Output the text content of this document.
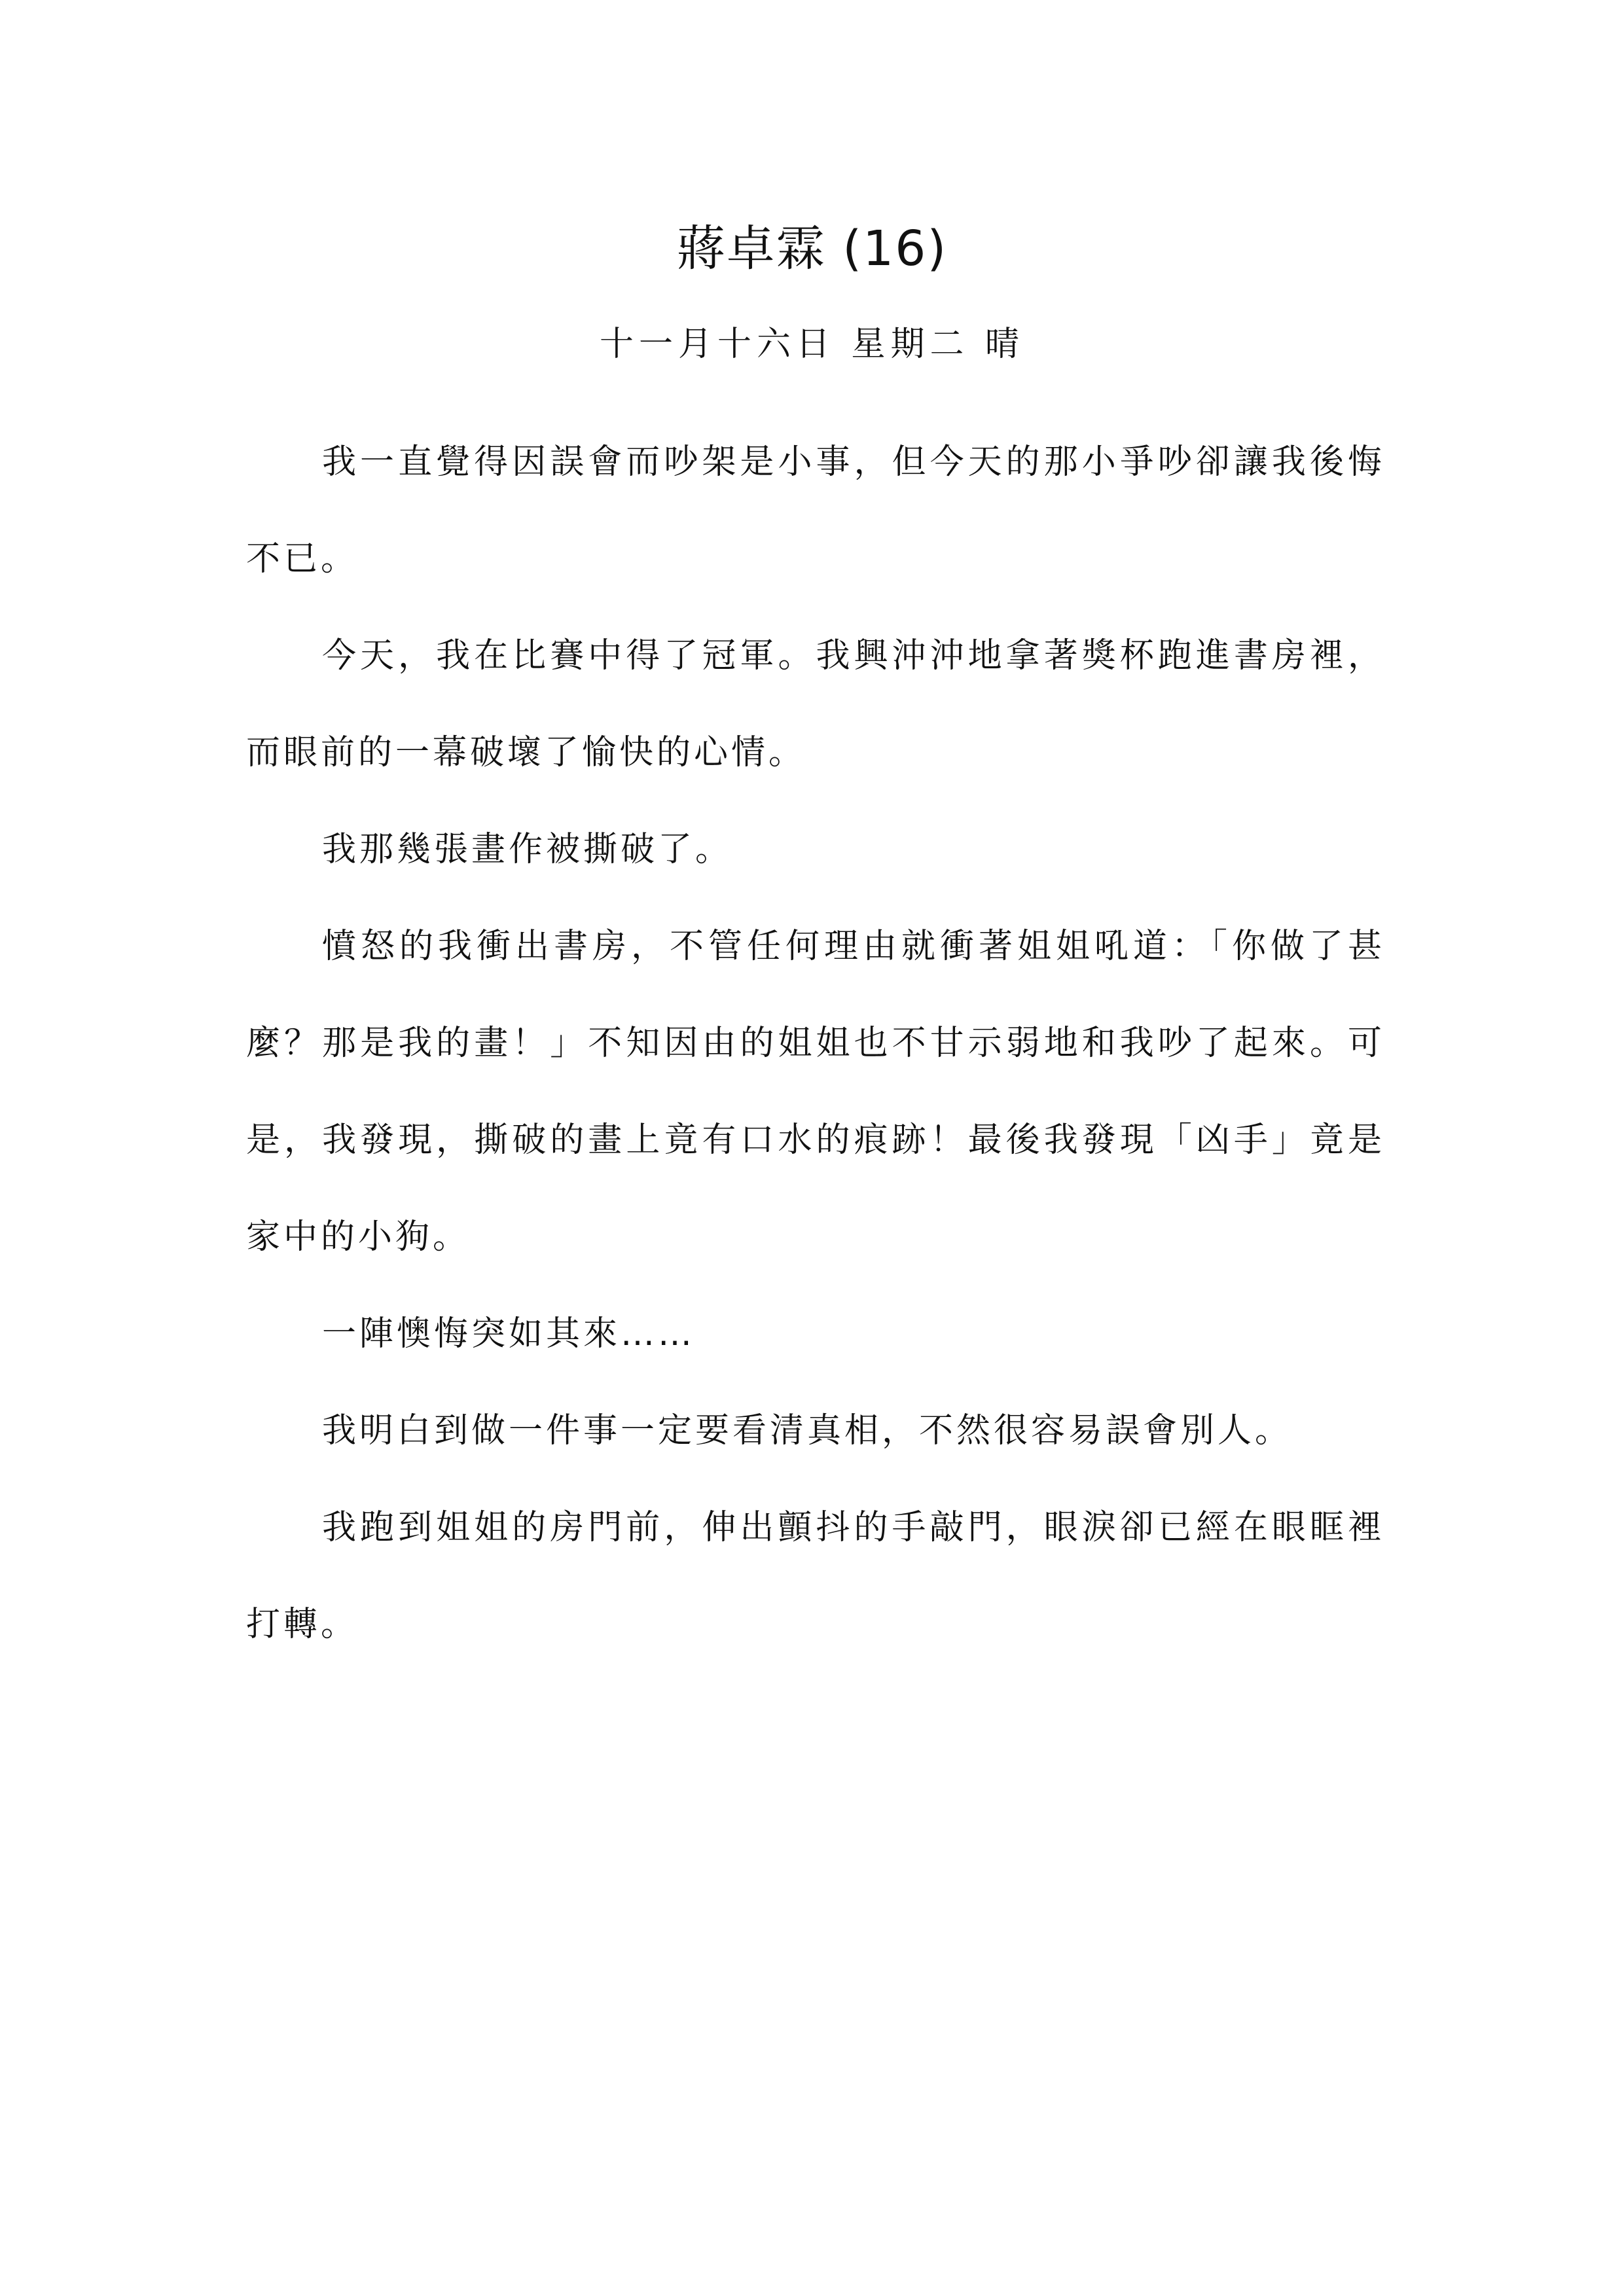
蔣卓霖 (16)
十一月十六日 星期二 晴

我一直覺得因誤會而吵架是小事，但今天的那小爭吵卻讓我後悔不已。

今天，我在比賽中得了冠軍。我興沖沖地拿著獎杯跑進書房裡，而眼前的一幕破壞了愉快的心情。

我那幾張畫作被撕破了。

憤怒的我衝出書房，不管任何理由就衝著姐姐吼道：「你做了甚麼？那是我的畫！」不知因由的姐姐也不甘示弱地和我吵了起來。可是，我發現，撕破的畫上竟有口水的痕跡！最後我發現「凶手」竟是家中的小狗。

一陣懊悔突如其來……

我明白到做一件事一定要看清真相，不然很容易誤會別人。

我跑到姐姐的房門前，伸出顫抖的手敲門，眼淚卻已經在眼眶裡打轉。
